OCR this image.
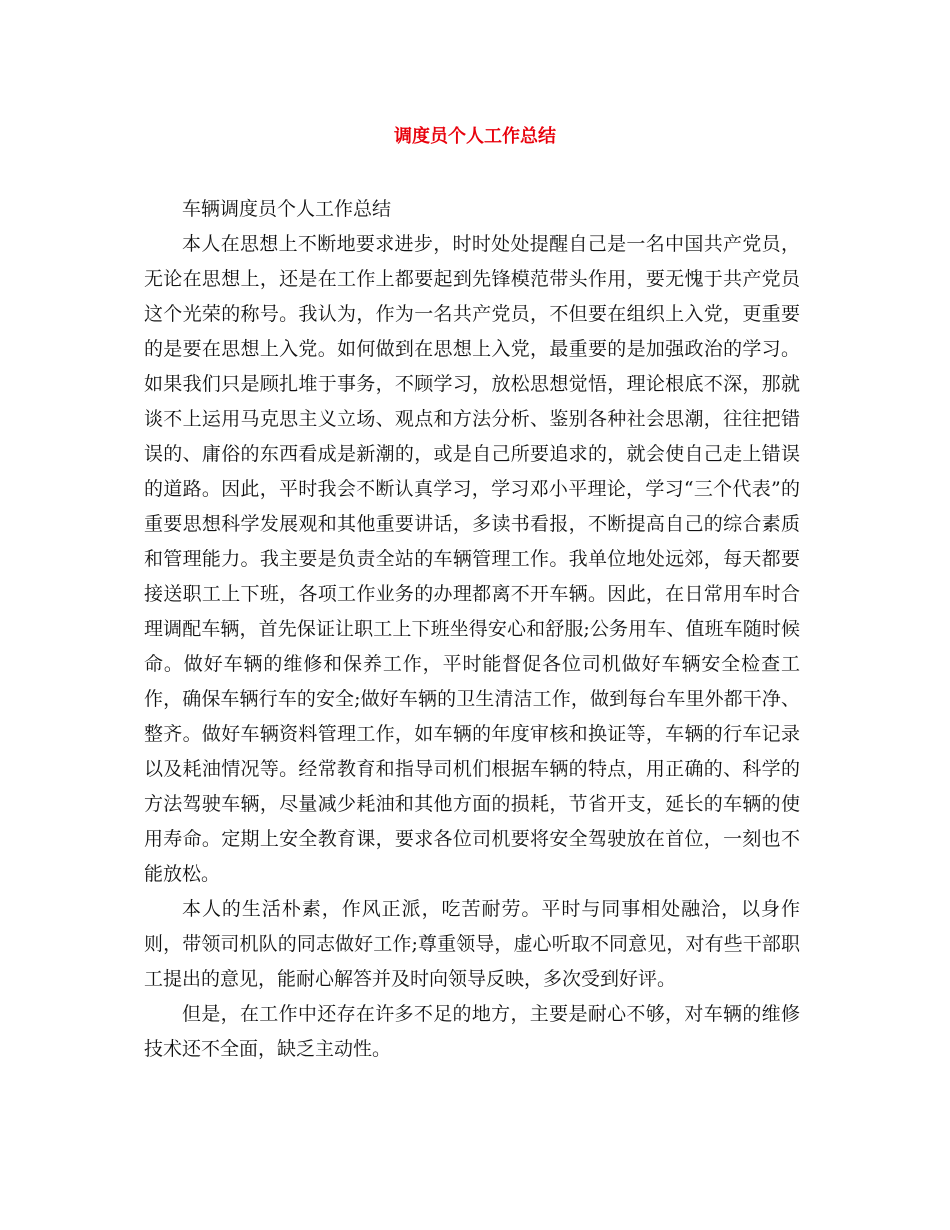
调度员个人工作总结

车辆调度员个人工作总结

本人在思想上不断地要求进步，时时处处提醒自己是一名中国共产党员，无论在思想上，还是在工作上都要起到先锋模范带头作用，要无愧于共产党员这个光荣的称号。我认为，作为一名共产党员，不但要在组织上入党，更重要的是要在思想上入党。如何做到在思想上入党，最重要的是加强政治的学习。如果我们只是顾扎堆于事务，不顾学习，放松思想觉悟，理论根底不深，那就谈不上运用马克思主义立场、观点和方法分析、鉴别各种社会思潮，往往把错误的、庸俗的东西看成是新潮的，或是自己所要追求的，就会使自己走上错误的道路。因此，平时我会不断认真学习，学习邓小平理论，学习“三个代表”的重要思想科学发展观和其他重要讲话，多读书看报，不断提高自己的综合素质和管理能力。我主要是负责全站的车辆管理工作。我单位地处远郊，每天都要接送职工上下班，各项工作业务的办理都离不开车辆。因此，在日常用车时合理调配车辆，首先保证让职工上下班坐得安心和舒服;公务用车、值班车随时候命。做好车辆的维修和保养工作，平时能督促各位司机做好车辆安全检查工作，确保车辆行车的安全;做好车辆的卫生清洁工作，做到每台车里外都干净、整齐。做好车辆资料管理工作，如车辆的年度审核和换证等，车辆的行车记录以及耗油情况等。经常教育和指导司机们根据车辆的特点，用正确的、科学的方法驾驶车辆，尽量减少耗油和其他方面的损耗，节省开支，延长的车辆的使用寿命。定期上安全教育课，要求各位司机要将安全驾驶放在首位，一刻也不能放松。

本人的生活朴素，作风正派，吃苦耐劳。平时与同事相处融洽，以身作则，带领司机队的同志做好工作;尊重领导，虚心听取不同意见，对有些干部职工提出的意见，能耐心解答并及时向领导反映，多次受到好评。

但是，在工作中还存在许多不足的地方，主要是耐心不够，对车辆的维修技术还不全面，缺乏主动性。
